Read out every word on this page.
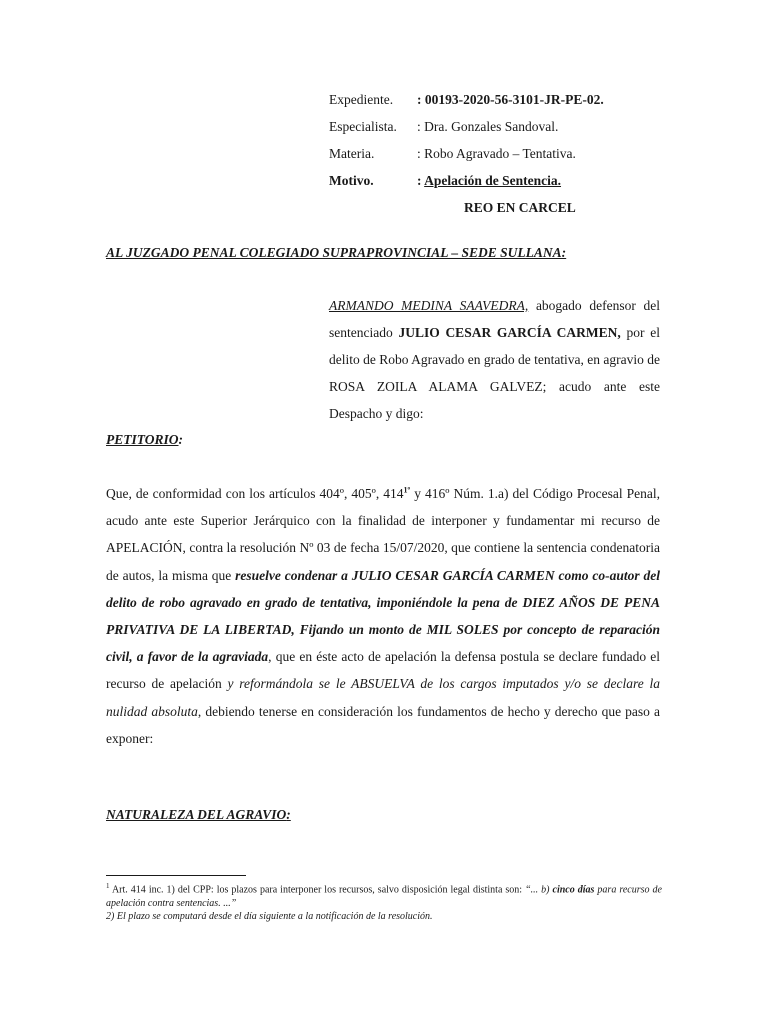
Expediente. : 00193-2020-56-3101-JR-PE-02.
Especialista. : Dra. Gonzales Sandoval.
Materia.	: Robo Agravado – Tentativa.
Motivo.	: Apelación de Sentencia.
REO EN CARCEL
AL JUZGADO PENAL COLEGIADO SUPRAPROVINCIAL – SEDE SULLANA:
ARMANDO MEDINA SAAVEDRA, abogado defensor del sentenciado JULIO CESAR GARCÍA CARMEN, por el delito de Robo Agravado en grado de tentativa, en agravio de ROSA ZOILA ALAMA GALVEZ; acudo ante este Despacho y digo:
PETITORIO:
Que, de conformidad con los artículos 404º, 405º, 414$^{1º}$ y 416º Núm. 1.a) del Código Procesal Penal, acudo ante este Superior Jerárquico con la finalidad de interponer y fundamentar mi recurso de APELACIÓN, contra la resolución Nº 03 de fecha 15/07/2020, que contiene la sentencia condenatoria de autos, la misma que resuelve condenar a JULIO CESAR GARCÍA CARMEN como co-autor del delito de robo agravado en grado de tentativa, imponiéndole la pena de DIEZ AÑOS DE PENA PRIVATIVA DE LA LIBERTAD, Fijando un monto de MIL SOLES por concepto de reparación civil, a favor de la agraviada, que en éste acto de apelación la defensa postula se declare fundado el recurso de apelación y reformándola se le ABSUELVA de los cargos imputados y/o se declare la nulidad absoluta, debiendo tenerse en consideración los fundamentos de hecho y derecho que paso a exponer:
NATURALEZA DEL AGRAVIO:
$^1$ Art. 414 inc. 1) del CPP: los plazos para interponer los recursos, salvo disposición legal distinta son: “... b) cinco días para recurso de apelación contra sentencias. ...”
2) El plazo se computará desde el día siguiente a la notificación de la resolución.
